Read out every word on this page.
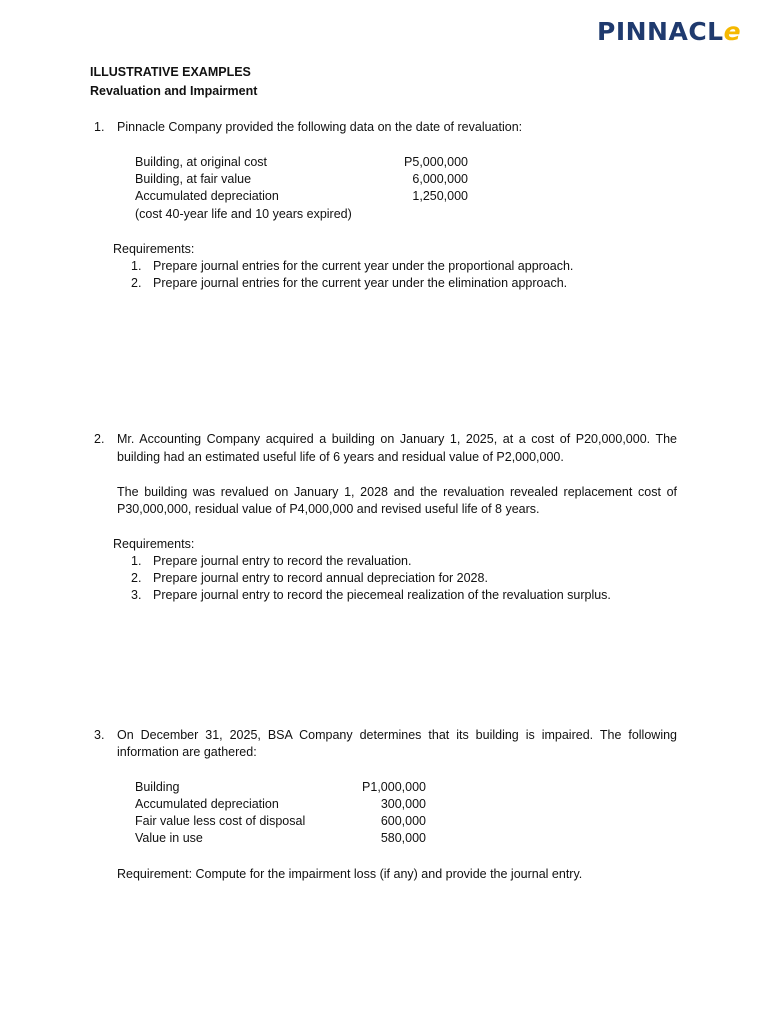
PINNACLe
ILLUSTRATIVE EXAMPLES
Revaluation and Impairment
1. Pinnacle Company provided the following data on the date of revaluation:
Building, at original cost	P5,000,000
Building, at fair value	6,000,000
Accumulated depreciation	1,250,000
(cost 40-year life and 10 years expired)
Requirements:
1. Prepare journal entries for the current year under the proportional approach.
2. Prepare journal entries for the current year under the elimination approach.
2. Mr. Accounting Company acquired a building on January 1, 2025, at a cost of P20,000,000. The
building had an estimated useful life of 6 years and residual value of P2,000,000.
The building was revalued on January 1, 2028 and the revaluation revealed replacement cost of
P30,000,000, residual value of P4,000,000 and revised useful life of 8 years.
Requirements:
1. Prepare journal entry to record the revaluation.
2. Prepare journal entry to record annual depreciation for 2028.
3. Prepare journal entry to record the piecemeal realization of the revaluation surplus.
3. On December 31, 2025, BSA Company determines that its building is impaired. The following
information are gathered:
Building	P1,000,000
Accumulated depreciation	300,000
Fair value less cost of disposal	600,000
Value in use	580,000
Requirement: Compute for the impairment loss (if any) and provide the journal entry.
